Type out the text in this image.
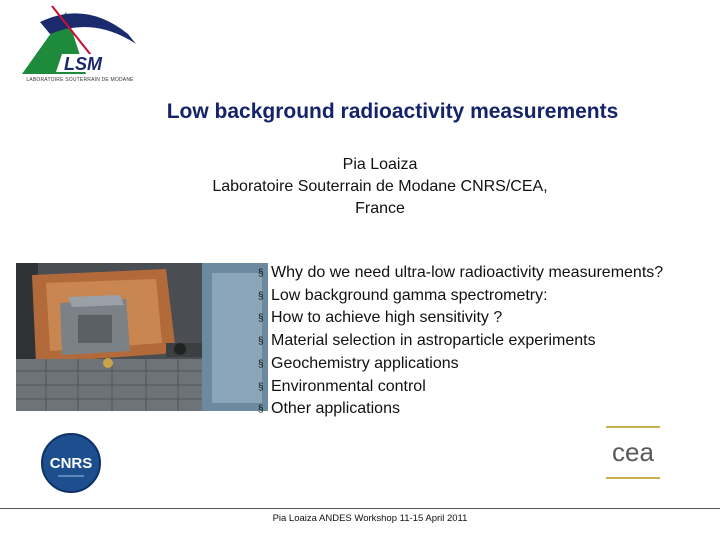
LSM
LABORATOIRE SOUTERRAIN DE MODANE
Low background radioactivity measurements
Pia Loaiza
Laboratoire Souterrain de Modane CNRS/CEA,
France
§ Why do we need ultra-low radioactivity measurements?
§ Low background gamma spectrometry:
§ How to achieve high sensitivity ?
§ Material selection in astroparticle experiments
§ Geochemistry applications
§ Environmental control
§ Other applications
CNRS	cea
Pia Loaiza ANDES Workshop 11-15 April 2011
